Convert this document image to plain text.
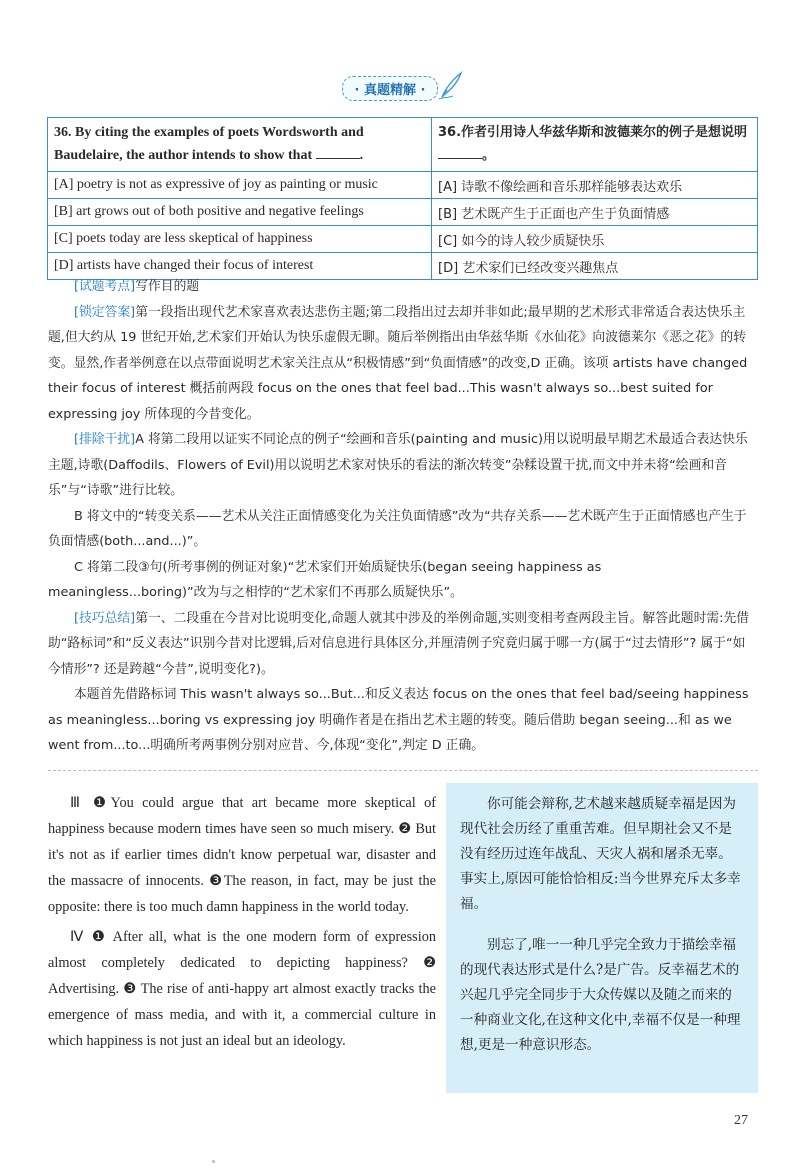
· 真题精解 ·
36. By citing the examples of poets Wordsworth and Baudelaire, the author intends to show that .	36.作者引用诗人华兹华斯和波德莱尔的例子是想说明 。
[A] poetry is not as expressive of joy as painting or music	[A] 诗歌不像绘画和音乐那样能够表达欢乐
[B] art grows out of both positive and negative feelings	[B] 艺术既产生于正面也产生于负面情感
[C] poets today are less skeptical of happiness	[C] 如今的诗人较少质疑快乐
[D] artists have changed their focus of interest	[D] 艺术家们已经改变兴趣焦点

[试题考点]写作目的题

[锁定答案]第一段指出现代艺术家喜欢表达悲伤主题;第二段指出过去却并非如此;最早期的艺术形式非常适合表达快乐主题,但大约从 19 世纪开始,艺术家们开始认为快乐虚假无聊。随后举例指出由华兹华斯《水仙花》向波德莱尔《恶之花》的转变。显然,作者举例意在以点带面说明艺术家关注点从“积极情感”到“负面情感”的改变,D 正确。该项 artists have changed their focus of interest 概括前两段 focus on the ones that feel bad...This wasn't always so...best suited for expressing joy 所体现的今昔变化。

[排除干扰]A 将第二段用以证实不同论点的例子“绘画和音乐(painting and music)用以说明最早期艺术最适合表达快乐主题,诗歌(Daffodils、Flowers of Evil)用以说明艺术家对快乐的看法的渐次转变”杂糅设置干扰,而文中并未将“绘画和音乐”与“诗歌”进行比较。

B 将文中的“转变关系——艺术从关注正面情感变化为关注负面情感”改为“共存关系——艺术既产生于正面情感也产生于负面情感(both...and...)”。

C 将第二段③句(所考事例的例证对象)“艺术家们开始质疑快乐(began seeing happiness as meaningless...boring)”改为与之相悖的“艺术家们不再那么质疑快乐”。

[技巧总结]第一、二段重在今昔对比说明变化,命题人就其中涉及的举例命题,实则变相考查两段主旨。解答此题时需:先借助“路标词”和“反义表达”识别今昔对比逻辑,后对信息进行具体区分,并厘清例子究竟归属于哪一方(属于“过去情形”? 属于“如今情形”? 还是跨越“今昔”,说明变化?)。

本题首先借路标词 This wasn't always so...But...和反义表达 focus on the ones that feel bad/seeing happiness as meaningless...boring vs expressing joy 明确作者是在指出艺术主题的转变。随后借助 began seeing...和 as we went from...to...明确所考两事例分别对应昔、今,体现“变化”,判定 D 正确。

Ⅲ ❶You could argue that art became more skeptical of happiness because modern times have seen so much misery. ❷ But it's not as if earlier times didn't know perpetual war, disaster and the massacre of innocents. ❸The reason, in fact, may be just the opposite: there is too much damn happiness in the world today.

Ⅳ ❶ After all, what is the one modern form of expression almost completely dedicated to depicting happiness? ❷ Advertising. ❸ The rise of anti-happy art almost exactly tracks the emergence of mass media, and with it, a commercial culture in which happiness is not just an ideal but an ideology.

你可能会辩称,艺术越来越质疑幸福是因为现代社会历经了重重苦难。但早期社会又不是没有经历过连年战乱、天灾人祸和屠杀无辜。事实上,原因可能恰恰相反:当今世界充斥太多幸福。

别忘了,唯一一种几乎完全致力于描绘幸福的现代表达形式是什么?是广告。反幸福艺术的兴起几乎完全同步于大众传媒以及随之而来的一种商业文化,在这种文化中,幸福不仅是一种理想,更是一种意识形态。

27
